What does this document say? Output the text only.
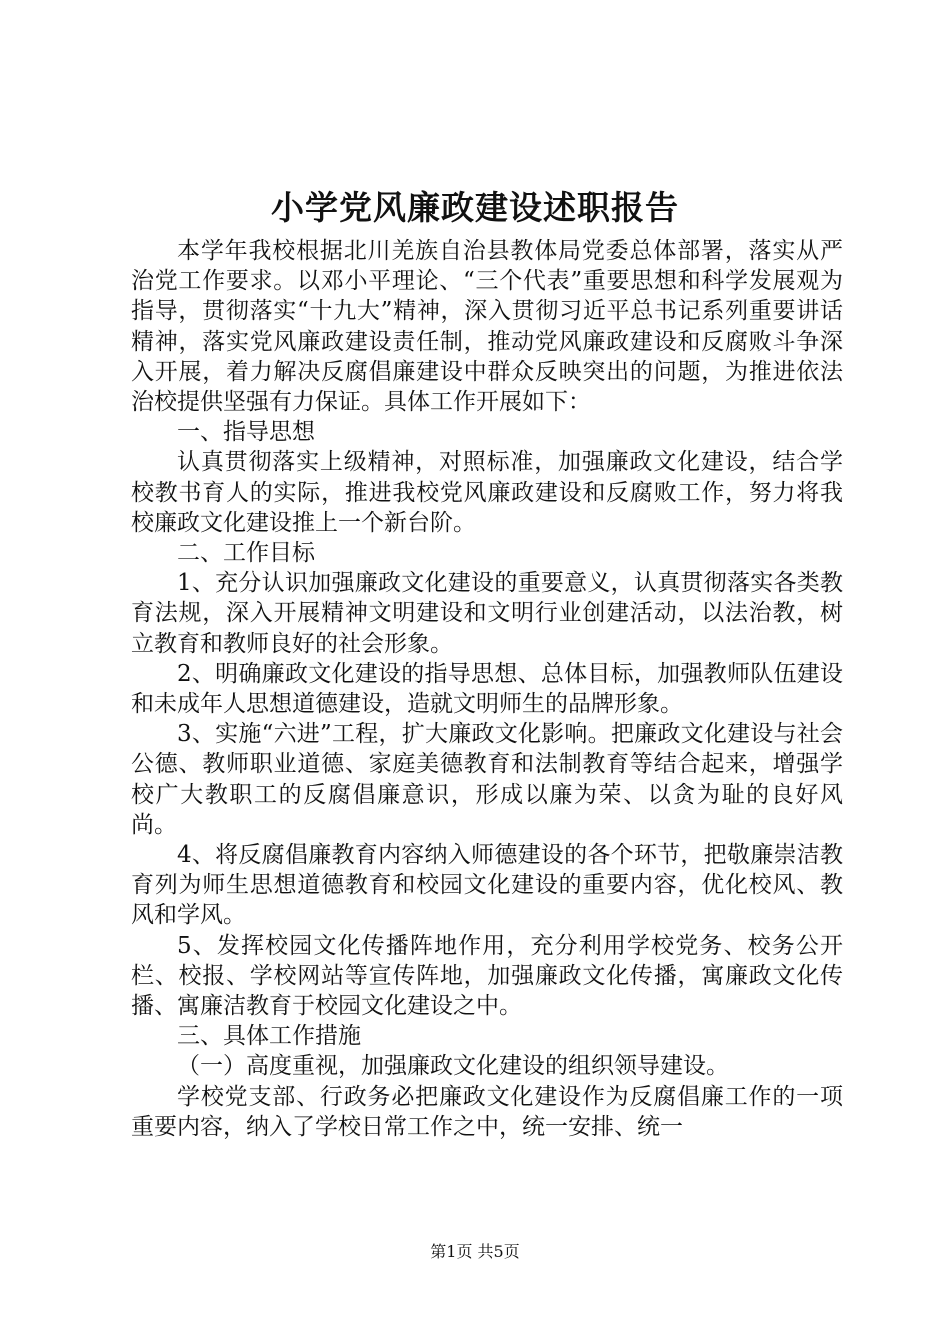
小学党风廉政建设述职报告

本学年我校根据北川羌族自治县教体局党委总体部署，落实从严治党工作要求。以邓小平理论、“三个代表”重要思想和科学发展观为指导，贯彻落实“十九大”精神，深入贯彻习近平总书记系列重要讲话精神，落实党风廉政建设责任制，推动党风廉政建设和反腐败斗争深入开展，着力解决反腐倡廉建设中群众反映突出的问题，为推进依法治校提供坚强有力保证。具体工作开展如下：

一、指导思想

认真贯彻落实上级精神，对照标准，加强廉政文化建设，结合学校教书育人的实际，推进我校党风廉政建设和反腐败工作，努力将我校廉政文化建设推上一个新台阶。

二、工作目标

1、充分认识加强廉政文化建设的重要意义，认真贯彻落实各类教育法规，深入开展精神文明建设和文明行业创建活动，以法治教，树立教育和教师良好的社会形象。

2、明确廉政文化建设的指导思想、总体目标，加强教师队伍建设和未成年人思想道德建设，造就文明师生的品牌形象。

3、实施“六进”工程，扩大廉政文化影响。把廉政文化建设与社会公德、教师职业道德、家庭美德教育和法制教育等结合起来，增强学校广大教职工的反腐倡廉意识，形成以廉为荣、以贪为耻的良好风尚。

4、将反腐倡廉教育内容纳入师德建设的各个环节，把敬廉崇洁教育列为师生思想道德教育和校园文化建设的重要内容，优化校风、教风和学风。

5、发挥校园文化传播阵地作用，充分利用学校党务、校务公开栏、校报、学校网站等宣传阵地，加强廉政文化传播，寓廉政文化传播、寓廉洁教育于校园文化建设之中。

三、具体工作措施

（一）高度重视，加强廉政文化建设的组织领导建设。

学校党支部、行政务必把廉政文化建设作为反腐倡廉工作的一项重要内容，纳入了学校日常工作之中，统一安排、统一

第1页 共5页
